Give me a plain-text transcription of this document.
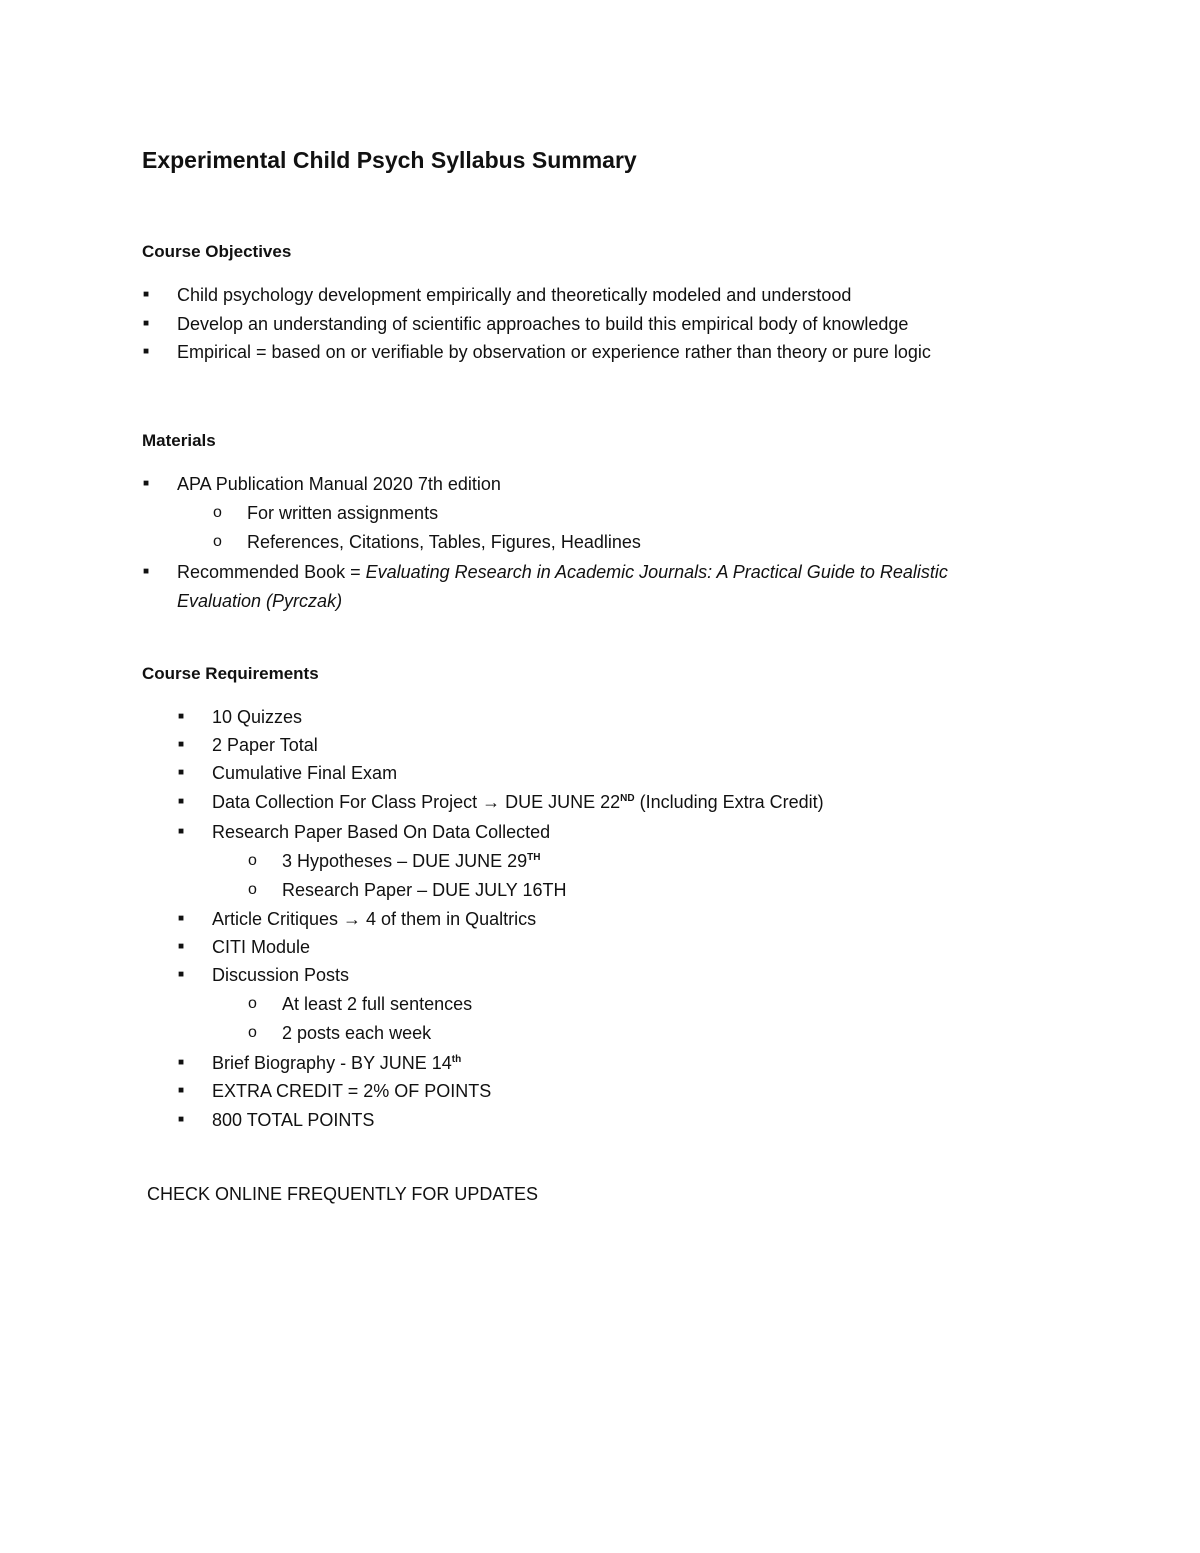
Experimental Child Psych Syllabus Summary
Course Objectives
■ Child psychology development empirically and theoretically modeled and understood
■ Develop an understanding of scientific approaches to build this empirical body of knowledge
■ Empirical = based on or verifiable by observation or experience rather than theory or pure logic
Materials
■ APA Publication Manual 2020 7th edition
o For written assignments
o References, Citations, Tables, Figures, Headlines
■ Recommended Book = Evaluating Research in Academic Journals: A Practical Guide to Realistic
Evaluation (Pyrczak)
Course Requirements
■ 10 Quizzes
■ 2 Paper Total
■ Cumulative Final Exam
■ Data Collection For Class Project → DUE JUNE 22ND (Including Extra Credit)
■ Research Paper Based On Data Collected
o 3 Hypotheses – DUE JUNE 29TH
o Research Paper – DUE JULY 16TH
■ Article Critiques → 4 of them in Qualtrics
■ CITI Module
■ Discussion Posts
o At least 2 full sentences
o 2 posts each week
■ Brief Biography - BY JUNE 14th
■ EXTRA CREDIT = 2% OF POINTS
■ 800 TOTAL POINTS
CHECK ONLINE FREQUENTLY FOR UPDATES
